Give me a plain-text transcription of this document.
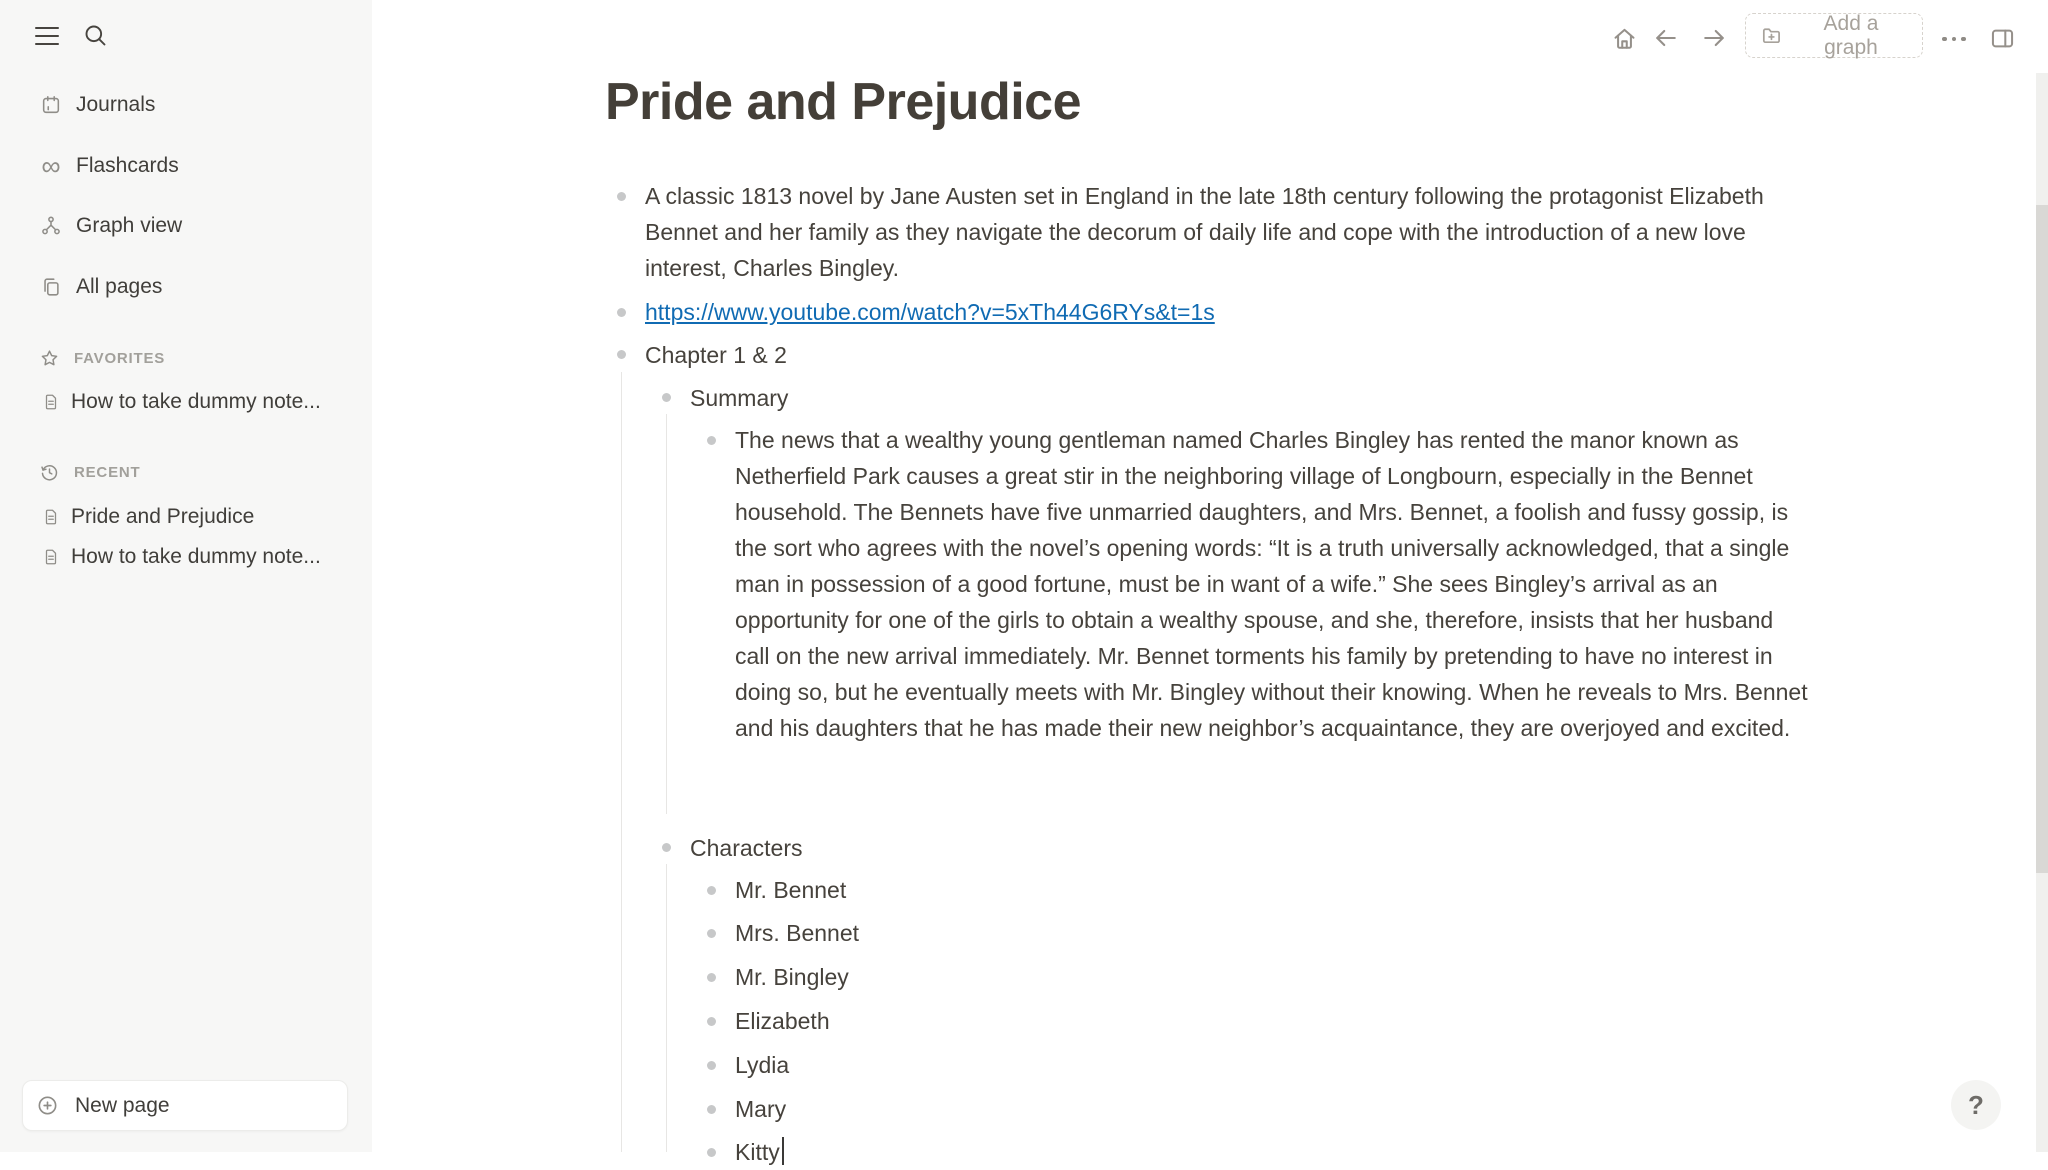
Journals
∞ Flashcards
Graph view
All pages
FAVORITES
How to take dummy note...
RECENT
Pride and Prejudice
How to take dummy note...
New page
Add a graph
Pride and Prejudice
A classic 1813 novel by Jane Austen set in England in the late 18th century following the protagonist Elizabeth Bennet and her family as they navigate the decorum of daily life and cope with the introduction of a new love interest, Charles Bingley.
https://www.youtube.com/watch?v=5xTh44G6RYs&t=1s
Chapter 1 & 2
Summary
The news that a wealthy young gentleman named Charles Bingley has rented the manor known as Netherfield Park causes a great stir in the neighboring village of Longbourn, especially in the Bennet household. The Bennets have five unmarried daughters, and Mrs. Bennet, a foolish and fussy gossip, is the sort who agrees with the novel’s opening words: “It is a truth universally acknowledged, that a single man in possession of a good fortune, must be in want of a wife.” She sees Bingley’s arrival as an opportunity for one of the girls to obtain a wealthy spouse, and she, therefore, insists that her husband call on the new arrival immediately. Mr. Bennet torments his family by pretending to have no interest in doing so, but he eventually meets with Mr. Bingley without their knowing. When he reveals to Mrs. Bennet and his daughters that he has made their new neighbor’s acquaintance, they are overjoyed and excited.
Characters
Mr. Bennet
Mrs. Bennet
Mr. Bingley
Elizabeth
Lydia
Mary
Kitty
?
